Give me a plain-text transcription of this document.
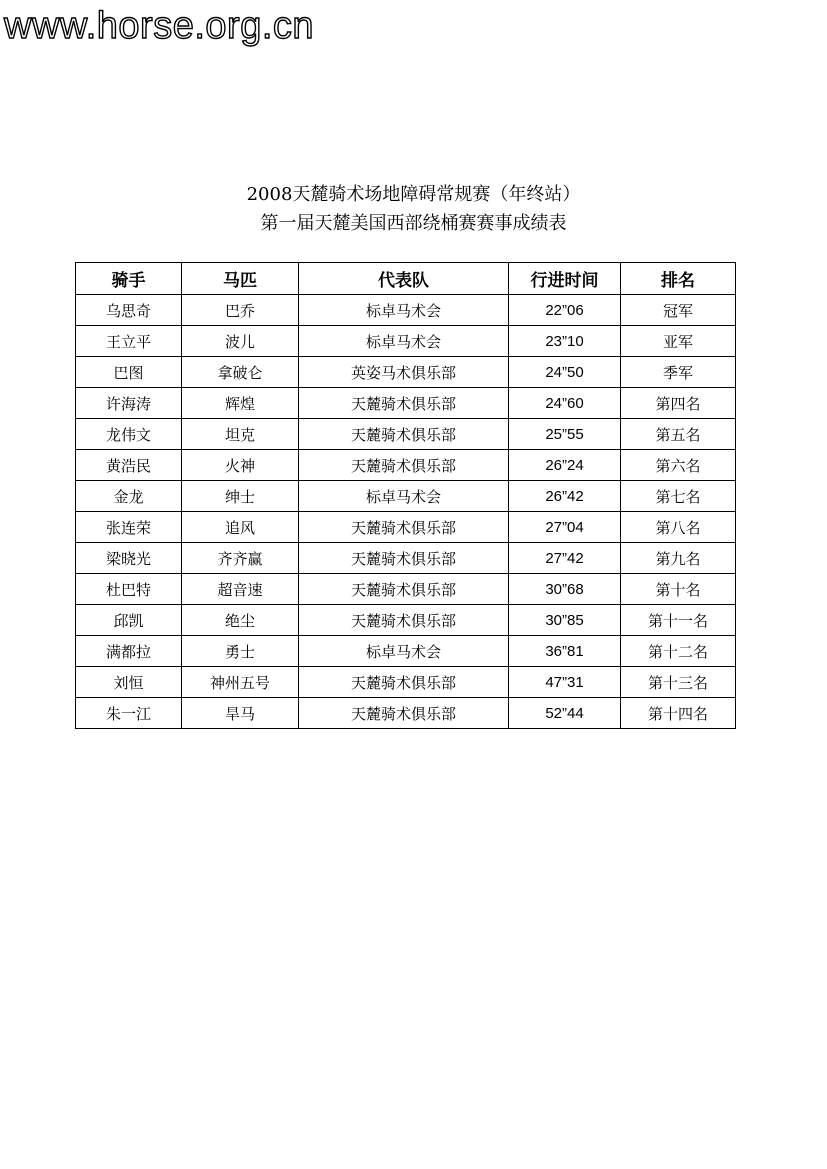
www.horse.org.cn
2008天麓骑术场地障碍常规赛（年终站）
第一届天麓美国西部绕桶赛赛事成绩表
骑手	马匹	代表队	行进时间	排名
乌思奇	巴乔	标卓马术会	22”06	冠军
王立平	波儿	标卓马术会	23”10	亚军
巴图	拿破仑	英姿马术俱乐部	24”50	季军
许海涛	辉煌	天麓骑术俱乐部	24”60	第四名
龙伟文	坦克	天麓骑术俱乐部	25”55	第五名
黄浩民	火神	天麓骑术俱乐部	26”24	第六名
金龙	绅士	标卓马术会	26”42	第七名
张连荣	追风	天麓骑术俱乐部	27”04	第八名
梁晓光	齐齐赢	天麓骑术俱乐部	27”42	第九名
杜巴特	超音速	天麓骑术俱乐部	30”68	第十名
邱凯	绝尘	天麓骑术俱乐部	30”85	第十一名
满都拉	勇士	标卓马术会	36”81	第十二名
刘恒	神州五号	天麓骑术俱乐部	47”31	第十三名
朱一江	旱马	天麓骑术俱乐部	52”44	第十四名
